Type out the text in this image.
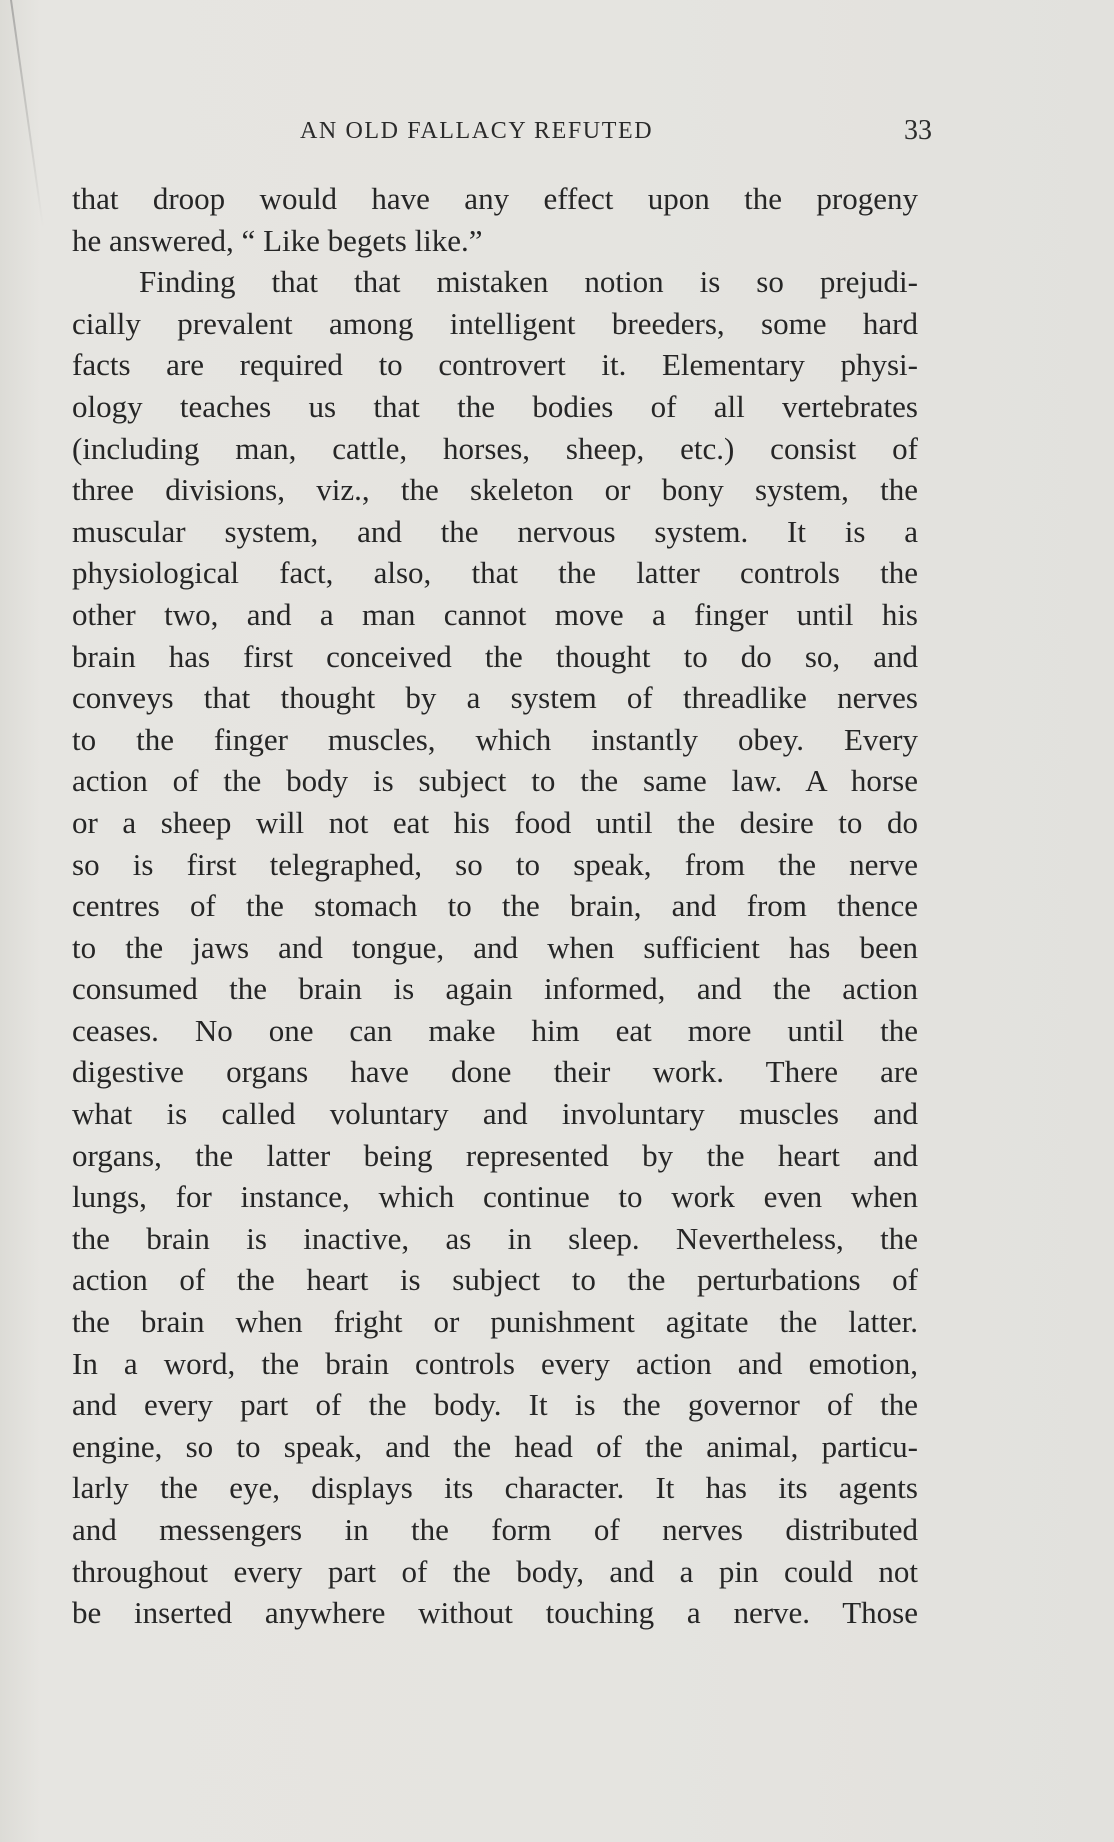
AN OLD FALLACY REFUTED	33
that droop would have any effect upon the progeny
he answered, “ Like begets like.”
Finding that that mistaken notion is so prejudi-
cially prevalent among intelligent breeders, some hard
facts are required to controvert it. Elementary physi-
ology teaches us that the bodies of all vertebrates
(including man, cattle, horses, sheep, etc.) consist of
three divisions, viz., the skeleton or bony system, the
muscular system, and the nervous system. It is a
physiological fact, also, that the latter controls the
other two, and a man cannot move a finger until his
brain has first conceived the thought to do so, and
conveys that thought by a system of threadlike nerves
to the finger muscles, which instantly obey. Every
action of the body is subject to the same law. A horse
or a sheep will not eat his food until the desire to do
so is first telegraphed, so to speak, from the nerve
centres of the stomach to the brain, and from thence
to the jaws and tongue, and when sufficient has been
consumed the brain is again informed, and the action
ceases. No one can make him eat more until the
digestive organs have done their work. There are
what is called voluntary and involuntary muscles and
organs, the latter being represented by the heart and
lungs, for instance, which continue to work even when
the brain is inactive, as in sleep. Nevertheless, the
action of the heart is subject to the perturbations of
the brain when fright or punishment agitate the latter.
In a word, the brain controls every action and emotion,
and every part of the body. It is the governor of the
engine, so to speak, and the head of the animal, particu-
larly the eye, displays its character. It has its agents
and messengers in the form of nerves distributed
throughout every part of the body, and a pin could not
be inserted anywhere without touching a nerve. Those
